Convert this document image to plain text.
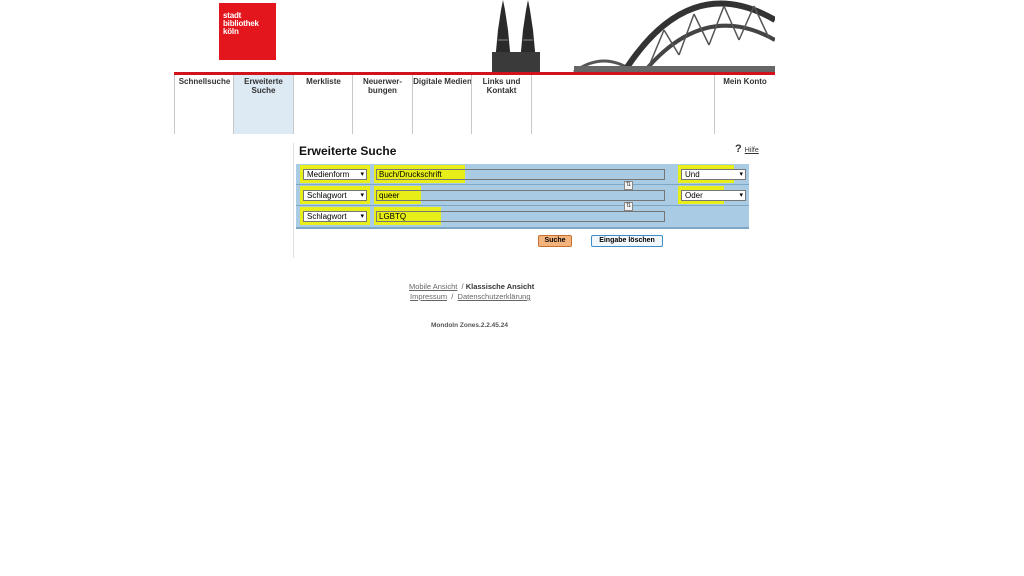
stadt
bibliothek
köln
Schnellsuche	Erweiterte
Suche
Merkliste	Neuerwer-
bungen
Digitale Medien	Links und
Kontakt
Mein Konto
Erweiterte Suche	? Hilfe
Medienform ▾	Buch/Druckschrift	Und	▾
⇅
Schlagwort ▾	queer	Oder	▾
⇅
Schlagwort ▾	LGBTQ
Suche	Eingabe löschen
Mobile Ansicht / Klassische Ansicht
Impressum / Datenschutzerklärung
Mondoln Zones.2.2.45.24
